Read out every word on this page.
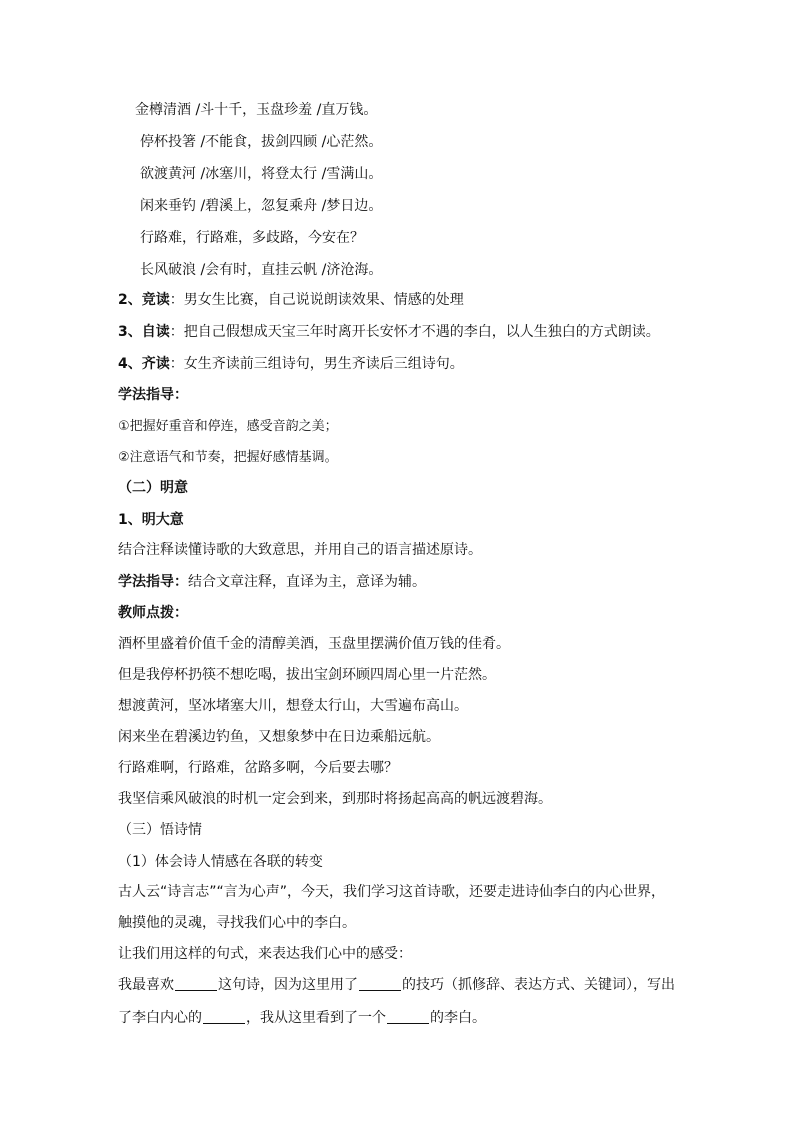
金樽清酒 /斗十千，玉盘珍羞 /直万钱。
停杯投箸 /不能食，拔剑四顾 /心茫然。
欲渡黄河 /冰塞川，将登太行 /雪满山。
闲来垂钓 /碧溪上，忽复乘舟 /梦日边。
行路难，行路难，多歧路，今安在？
长风破浪 /会有时，直挂云帆 /济沧海。
2、竞读：男女生比赛，自己说说朗读效果、情感的处理
3、自读：把自己假想成天宝三年时离开长安怀才不遇的李白，以人生独白的方式朗读。
4、齐读：女生齐读前三组诗句，男生齐读后三组诗句。
学法指导：
①把握好重音和停连，感受音韵之美；
②注意语气和节奏，把握好感情基调。
（二）明意
1、明大意
结合注释读懂诗歌的大致意思，并用自己的语言描述原诗。
学法指导：结合文章注释，直译为主，意译为辅。
教师点拨：
酒杯里盛着价值千金的清醇美酒，玉盘里摆满价值万钱的佳肴。
但是我停杯扔筷不想吃喝，拔出宝剑环顾四周心里一片茫然。
想渡黄河，坚冰堵塞大川，想登太行山，大雪遍布高山。
闲来坐在碧溪边钓鱼，又想象梦中在日边乘船远航。
行路难啊，行路难，岔路多啊，今后要去哪？
我坚信乘风破浪的时机一定会到来，到那时将扬起高高的帆远渡碧海。
（三）悟诗情
（1）体会诗人情感在各联的转变
古人云“诗言志”“言为心声”，今天，我们学习这首诗歌，还要走进诗仙李白的内心世界，
触摸他的灵魂，寻找我们心中的李白。
让我们用这样的句式，来表达我们心中的感受：
我最喜欢	这句诗，因为这里用了	的技巧（抓修辞、表达方式、关键词），写出
了李白内心的	，我从这里看到了一个	的李白。
